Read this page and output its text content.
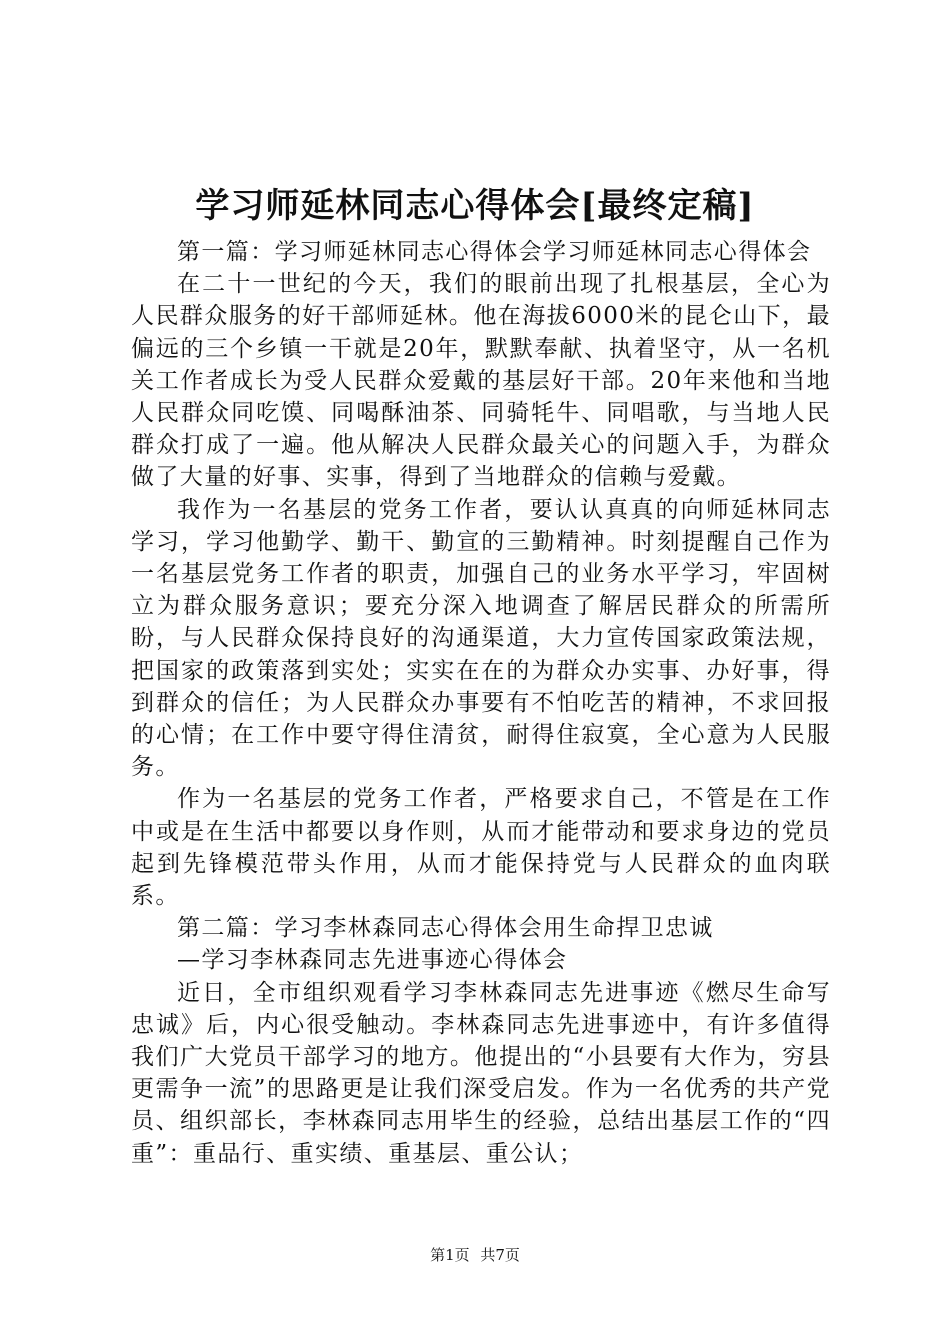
学习师延林同志心得体会[最终定稿]

第一篇：学习师延林同志心得体会学习师延林同志心得体会

在二十一世纪的今天，我们的眼前出现了扎根基层，全心为人民群众服务的好干部师延林。他在海拔6000米的昆仑山下，最偏远的三个乡镇一干就是20年，默默奉献、执着坚守，从一名机关工作者成长为受人民群众爱戴的基层好干部。20年来他和当地人民群众同吃馍、同喝酥油茶、同骑牦牛、同唱歌，与当地人民群众打成了一遍。他从解决人民群众最关心的问题入手，为群众做了大量的好事、实事，得到了当地群众的信赖与爱戴。

我作为一名基层的党务工作者，要认认真真的向师延林同志学习，学习他勤学、勤干、勤宣的三勤精神。时刻提醒自己作为一名基层党务工作者的职责，加强自己的业务水平学习，牢固树立为群众服务意识；要充分深入地调查了解居民群众的所需所盼，与人民群众保持良好的沟通渠道，大力宣传国家政策法规，把国家的政策落到实处；实实在在的为群众办实事、办好事，得到群众的信任；为人民群众办事要有不怕吃苦的精神，不求回报的心情；在工作中要守得住清贫，耐得住寂寞，全心意为人民服务。

作为一名基层的党务工作者，严格要求自己，不管是在工作中或是在生活中都要以身作则，从而才能带动和要求身边的党员起到先锋模范带头作用，从而才能保持党与人民群众的血肉联系。

第二篇：学习李林森同志心得体会用生命捍卫忠诚

—学习李林森同志先进事迹心得体会

近日，全市组织观看学习李林森同志先进事迹《燃尽生命写忠诚》后，内心很受触动。李林森同志先进事迹中，有许多值得我们广大党员干部学习的地方。他提出的“小县要有大作为，穷县更需争一流”的思路更是让我们深受启发。作为一名优秀的共产党员、组织部长，李林森同志用毕生的经验，总结出基层工作的“四重”：重品行、重实绩、重基层、重公认；

第1页 共7页
